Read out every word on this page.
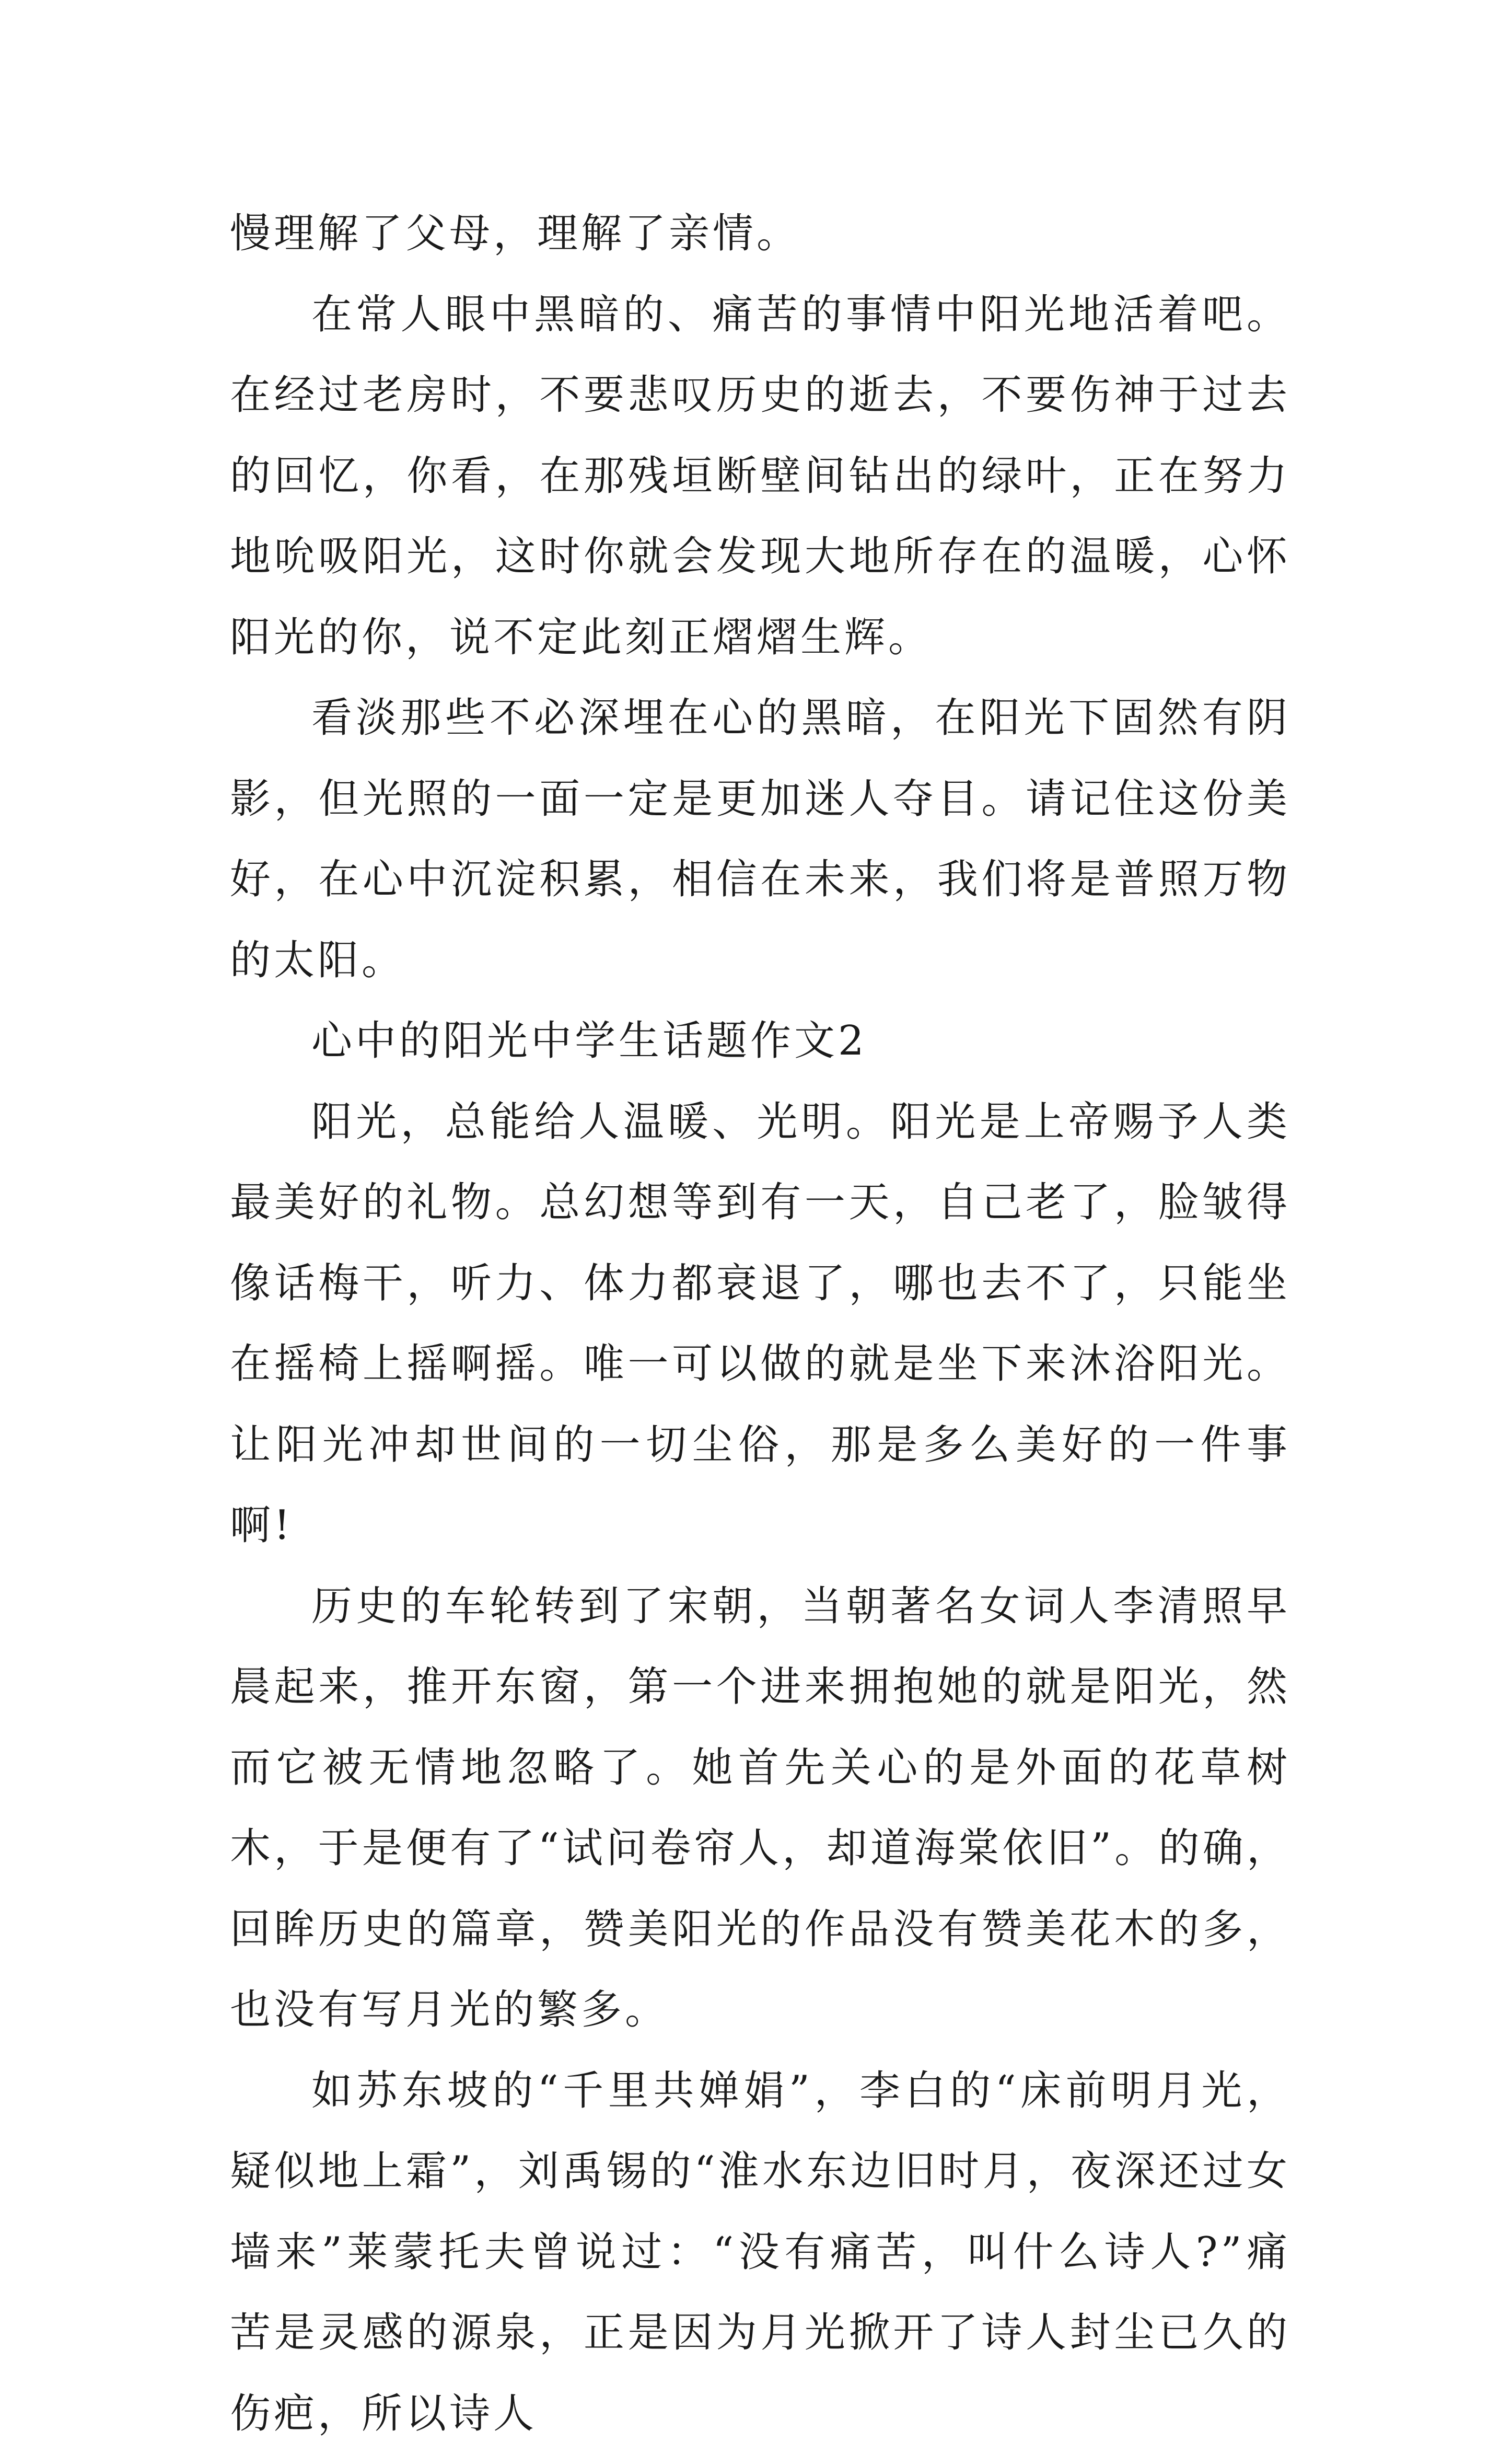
慢理解了父母，理解了亲情。

在常人眼中黑暗的、痛苦的事情中阳光地活着吧。在经过老房时，不要悲叹历史的逝去，不要伤神于过去的回忆，你看，在那残垣断壁间钻出的绿叶，正在努力地吮吸阳光，这时你就会发现大地所存在的温暖，心怀阳光的你，说不定此刻正熠熠生辉。

看淡那些不必深埋在心的黑暗，在阳光下固然有阴影，但光照的一面一定是更加迷人夺目。请记住这份美好，在心中沉淀积累，相信在未来，我们将是普照万物的太阳。

心中的阳光中学生话题作文2

阳光，总能给人温暖、光明。阳光是上帝赐予人类最美好的礼物。总幻想等到有一天，自己老了，脸皱得像话梅干，听力、体力都衰退了，哪也去不了，只能坐在摇椅上摇啊摇。唯一可以做的就是坐下来沐浴阳光。让阳光冲却世间的一切尘俗，那是多么美好的一件事啊!

历史的车轮转到了宋朝，当朝著名女词人李清照早晨起来，推开东窗，第一个进来拥抱她的就是阳光，然而它被无情地忽略了。她首先关心的是外面的花草树木，于是便有了“试问卷帘人，却道海棠依旧”。的确，回眸历史的篇章，赞美阳光的作品没有赞美花木的多，也没有写月光的繁多。

如苏东坡的“千里共婵娟”，李白的“床前明月光，疑似地上霜”，刘禹锡的“淮水东边旧时月，夜深还过女墙来”莱蒙托夫曾说过：“没有痛苦，叫什么诗人?”痛苦是灵感的源泉，正是因为月光掀开了诗人封尘已久的伤疤，所以诗人
